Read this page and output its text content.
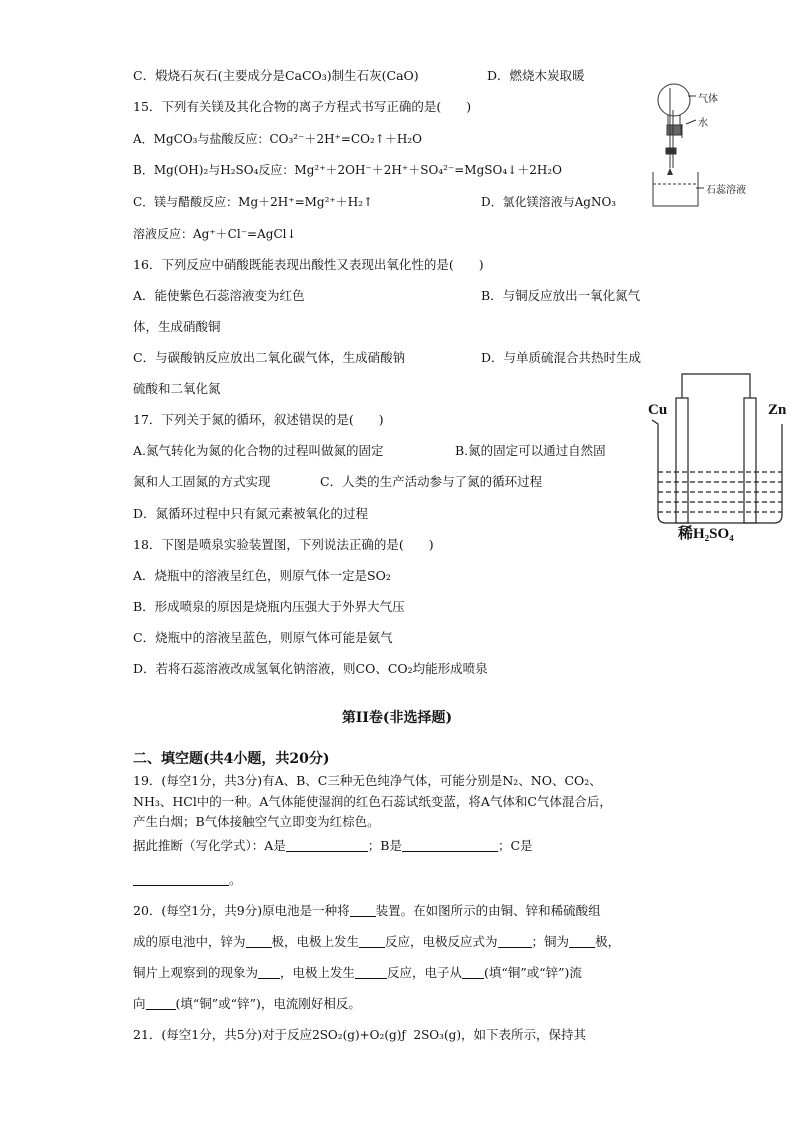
C．煅烧石灰石(主要成分是CaCO₃)制生石灰(CaO)	D．燃烧木炭取暖
15．下列有关镁及其化合物的离子方程式书写正确的是(　　)
A．MgCO₃与盐酸反应：CO₃²⁻＋2H⁺=CO₂↑＋H₂O
B．Mg(OH)₂与H₂SO₄反应：Mg²⁺＋2OH⁻＋2H⁺＋SO₄²⁻=MgSO₄↓＋2H₂O
C．镁与醋酸反应：Mg＋2H⁺=Mg²⁺＋H₂↑	D．氯化镁溶液与AgNO₃
溶液反应：Ag⁺＋Cl⁻=AgCl↓
16．下列反应中硝酸既能表现出酸性又表现出氧化性的是(　　)
A．能使紫色石蕊溶液变为红色	B．与铜反应放出一氧化氮气
体，生成硝酸铜
C．与碳酸钠反应放出二氧化碳气体，生成硝酸钠	D．与单质硫混合共热时生成
硫酸和二氧化氮
17．下列关于氮的循环，叙述错误的是(　　)
A.氮气转化为氮的化合物的过程叫做氮的固定	B.氮的固定可以通过自然固
氮和人工固氮的方式实现	C．人类的生产活动参与了氮的循环过程
D．氮循环过程中只有氮元素被氧化的过程
18．下图是喷泉实验装置图，下列说法正确的是(　　)
A．烧瓶中的溶液呈红色，则原气体一定是SO₂
B．形成喷泉的原因是烧瓶内压强大于外界大气压
C．烧瓶中的溶液呈蓝色，则原气体可能是氨气
D．若将石蕊溶液改成氢氧化钠溶液，则CO、CO₂均能形成喷泉
第II卷(非选择题)
二、填空题(共4小题，共20分)
19．(每空1分，共3分)有A、B、C三种无色纯净气体，可能分别是N₂、NO、CO₂、
NH₃、HCl中的一种。A气体能使湿润的红色石蕊试纸变蓝，将A气体和C气体混合后，
产生白烟；B气体接触空气立即变为红棕色。
据此推断（写化学式）：A是	；B是	；C是
。
20．(每空1分，共9分)原电池是一种将 装置。在如图所示的由铜、锌和稀硫酸组
成的原电池中，锌为 极，电极上发生 反应，电极反应式为	；铜为 极，
铜片上观察到的现象为 ，电极上发生	反应，电子从 (填“铜”或“锌”)流
向 (填“铜”或“锌”)，电流刚好相反。
21．(每空1分，共5分)对于反应2SO₂(g)+O₂(g)ƒ  2SO₃(g)，如下表所示，保持其
气体
水
石蕊溶液
Cu	Zn
稀H₂SO₄
